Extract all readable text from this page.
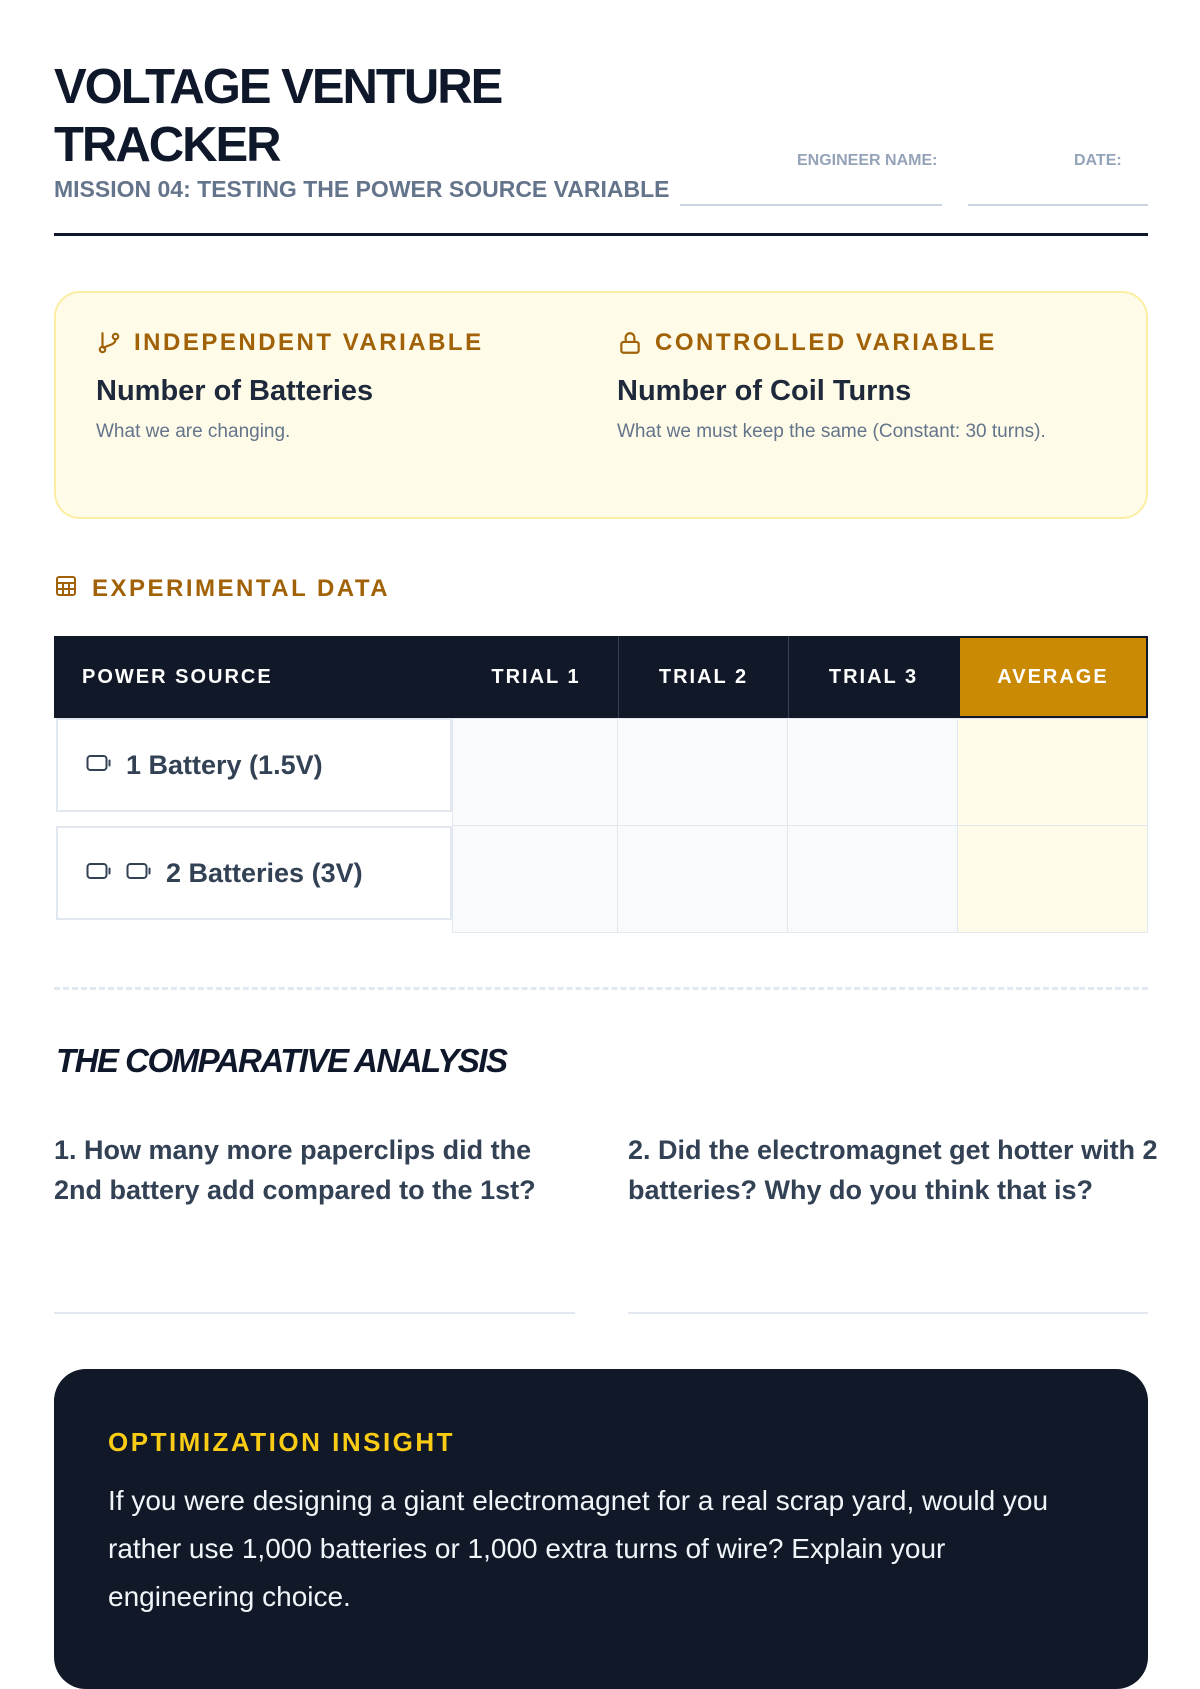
VOLTAGE VENTURE TRACKER
MISSION 04: TESTING THE POWER SOURCE VARIABLE
ENGINEER NAME:	DATE:
INDEPENDENT VARIABLE
Number of Batteries
What we are changing.
CONTROLLED VARIABLE
Number of Coil Turns
What we must keep the same (Constant: 30 turns).
EXPERIMENTAL DATA
POWER SOURCE	TRIAL 1	TRIAL 2	TRIAL 3	AVERAGE
1 Battery (1.5V)
2 Batteries (3V)
THE COMPARATIVE ANALYSIS
1. How many more paperclips did the 2nd battery add compared to the 1st?
2. Did the electromagnet get hotter with 2 batteries? Why do you think that is?
OPTIMIZATION INSIGHT
If you were designing a giant electromagnet for a real scrap yard, would you rather use 1,000 batteries or 1,000 extra turns of wire? Explain your engineering choice.
